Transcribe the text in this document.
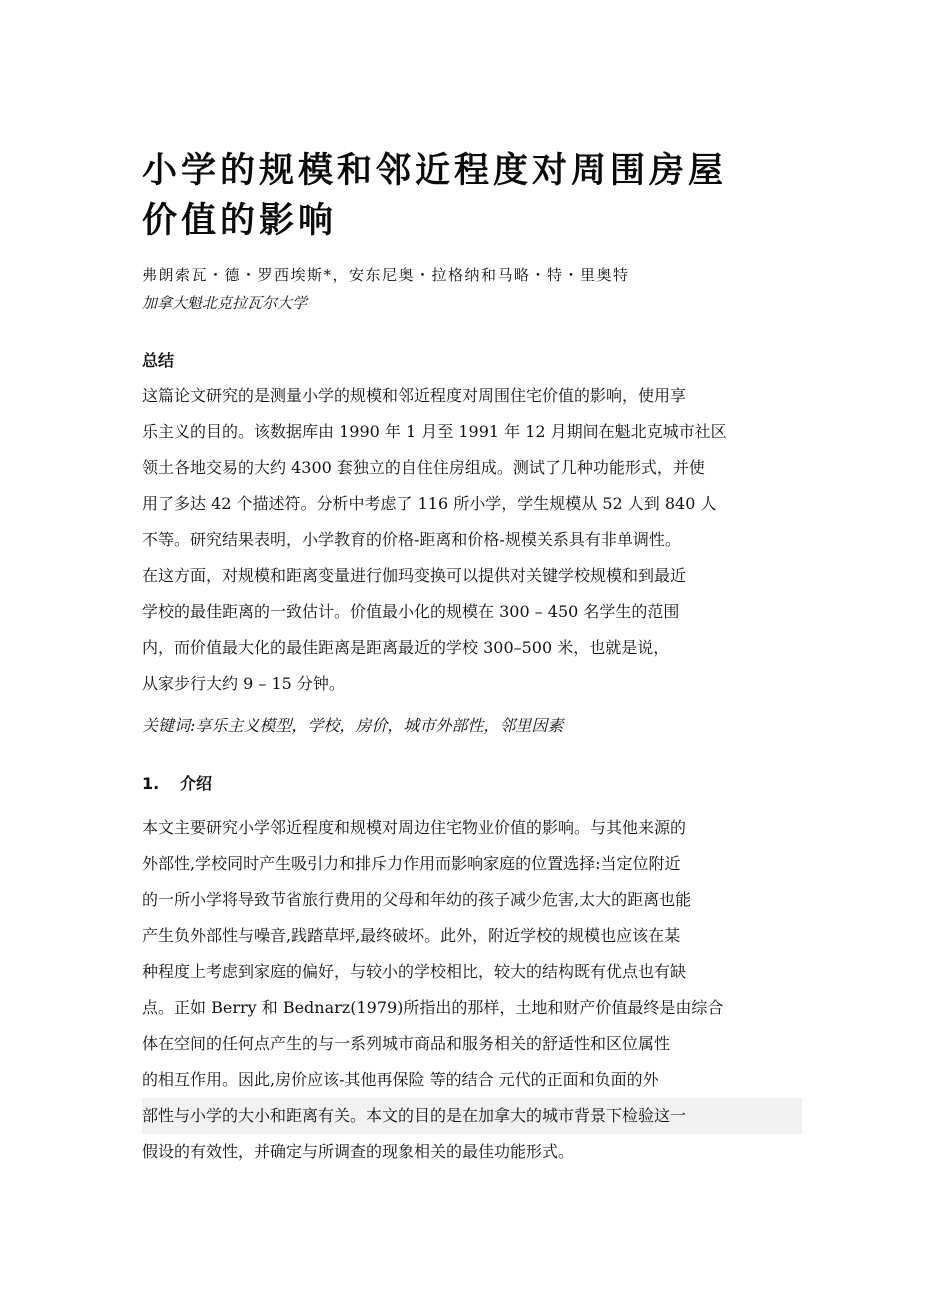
小学的规模和邻近程度对周围房屋
价值的影响
弗朗索瓦・德・罗西埃斯*，安东尼奥・拉格纳和马略・特・里奥特
加拿大魁北克拉瓦尔大学
总结
这篇论文研究的是测量小学的规模和邻近程度对周围住宅价值的影响，使用享
乐主义的目的。该数据库由 1990 年 1 月至 1991 年 12 月期间在魁北克城市社区
领土各地交易的大约 4300 套独立的自住住房组成。测试了几种功能形式，并使
用了多达 42 个描述符。分析中考虑了 116 所小学，学生规模从 52 人到 840 人
不等。研究结果表明，小学教育的价格-距离和价格-规模关系具有非单调性。
在这方面，对规模和距离变量进行伽玛变换可以提供对关键学校规模和到最近
学校的最佳距离的一致估计。价值最小化的规模在 300 – 450 名学生的范围
内，而价值最大化的最佳距离是距离最近的学校 300–500 米，也就是说，
从家步行大约 9 – 15 分钟。
关键词:享乐主义模型，学校，房价，城市外部性，邻里因素
1. 介绍
本文主要研究小学邻近程度和规模对周边住宅物业价值的影响。与其他来源的
外部性,学校同时产生吸引力和排斥力作用而影响家庭的位置选择:当定位附近
的一所小学将导致节省旅行费用的父母和年幼的孩子减少危害,太大的距离也能
产生负外部性与噪音,践踏草坪,最终破坏。此外，附近学校的规模也应该在某
种程度上考虑到家庭的偏好，与较小的学校相比，较大的结构既有优点也有缺
点。正如 Berry 和 Bednarz(1979)所指出的那样，土地和财产价值最终是由综合
体在空间的任何点产生的与一系列城市商品和服务相关的舒适性和区位属性
的相互作用。因此,房价应该-其他再保险 等的结合 元代的正面和负面的外
部性与小学的大小和距离有关。本文的目的是在加拿大的城市背景下检验这一
假设的有效性，并确定与所调查的现象相关的最佳功能形式。
